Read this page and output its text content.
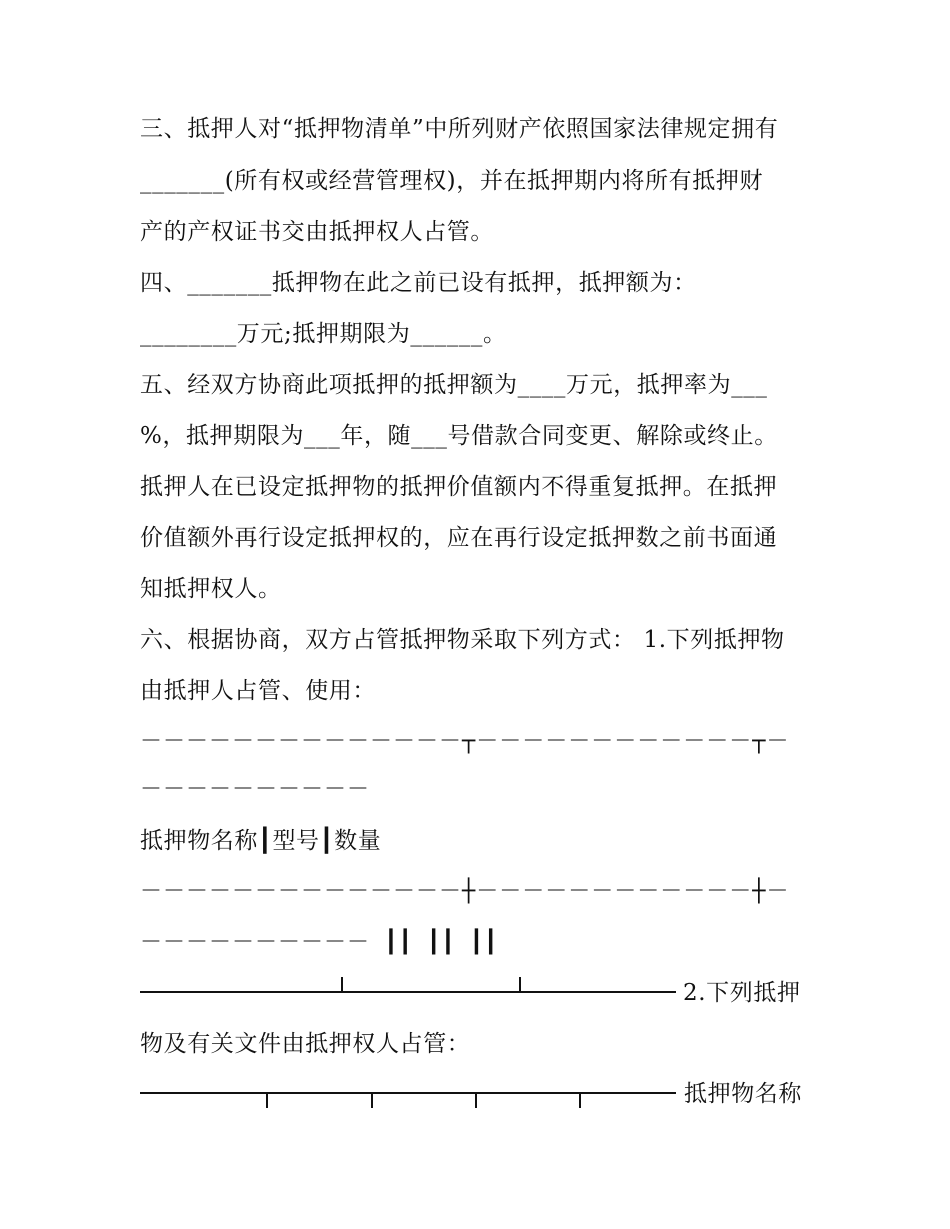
三、抵押人对“抵押物清单”中所列财产依照国家法律规定拥有
_______(所有权或经营管理权)，并在抵押期内将所有抵押财
产的产权证书交由抵押权人占管。
四、_______抵押物在此之前已设有抵押，抵押额为：
________万元;抵押期限为______。
五、经双方协商此项抵押的抵押额为____万元，抵押率为___
%，抵押期限为___年，随___号借款合同变更、解除或终止。
抵押人在已设定抵押物的抵押价值额内不得重复抵押。在抵押
价值额外再行设定抵押权的，应在再行设定抵押数之前书面通
知抵押权人。
六、根据协商，双方占管抵押物采取下列方式： 1.下列抵押物
由抵押人占管、使用：
－－－－－－－－－－－－－－┬－－－－－－－－－－－－┬－
－－－－－－－－－－
抵押物名称┃型号┃数量
－－－－－－－－－－－－－－┼－－－－－－－－－－－－┼－
－－－－－－－－－－ ┃┃ ┃┃ ┃┃
2.下列抵押
物及有关文件由抵押权人占管：
抵押物名称
